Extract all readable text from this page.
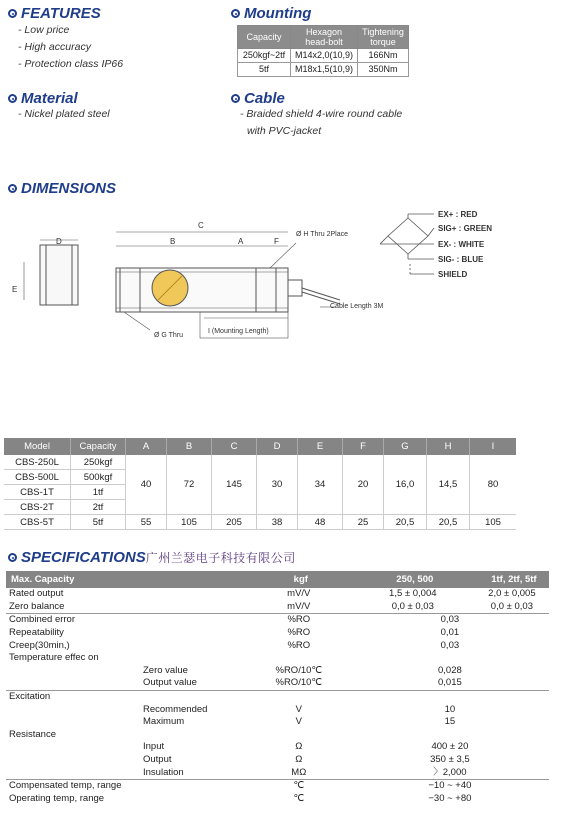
FEATURES
- Low price
- High accuracy
- Protection class IP66
Material
- Nickel plated steel
Mounting
Capacity	Hexagon head-bolt	Tightening torque
250kgf~2tf	M14x2,0(10,9)	166Nm
5tf	M18x1,5(10,9)	350Nm
Cable
- Braided shield 4-wire round cable
with PVC-jacket
DIMENSIONS
D
E
C
B	A	F
Ø H Thru 2Place
Ø G Thru
I (Mounting Length)
Cable Length 3M
EX+ : RED
SIG+ : GREEN
EX- : WHITE
SIG- : BLUE
SHIELD
Model	Capacity	A	B	C	D	E	F	G	H	I
CBS-250L	250kgf	40	72	145	30	34	20	16,0	14,5	80
CBS-500L	500kgf									
CBS-1T	1tf									
CBS-2T	2tf									
CBS-5T	5tf	55	105	205	38	48	25	20,5	20,5	105
SPECIFICATIONS广州兰瑟电子科技有限公司
Max. Capacity		kgf	250, 500	1tf, 2tf, 5tf
Rated output		mV/V	1,5 ± 0,004	2,0 ± 0,005
Zero balance		mV/V	0,0 ± 0,03	0,0 ± 0,03
Combined error		%RO	0,03	
Repeatability		%RO	0,01	
Creep(30min,)		%RO	0,03	
Temperature effec on				
	Zero value	%RO/10℃	0,028	
	Output value	%RO/10℃	0,015	
Excitation				
	Recommended	V	10	
	Maximum	V	15	
Resistance				
	Input	Ω	400 ± 20	
	Output	Ω	350 ± 3,5	
	Insulation	MΩ	〉2,000	
Compensated temp, range		℃	−10 ~ +40	
Operating temp, range		℃	−30 ~ +80	
